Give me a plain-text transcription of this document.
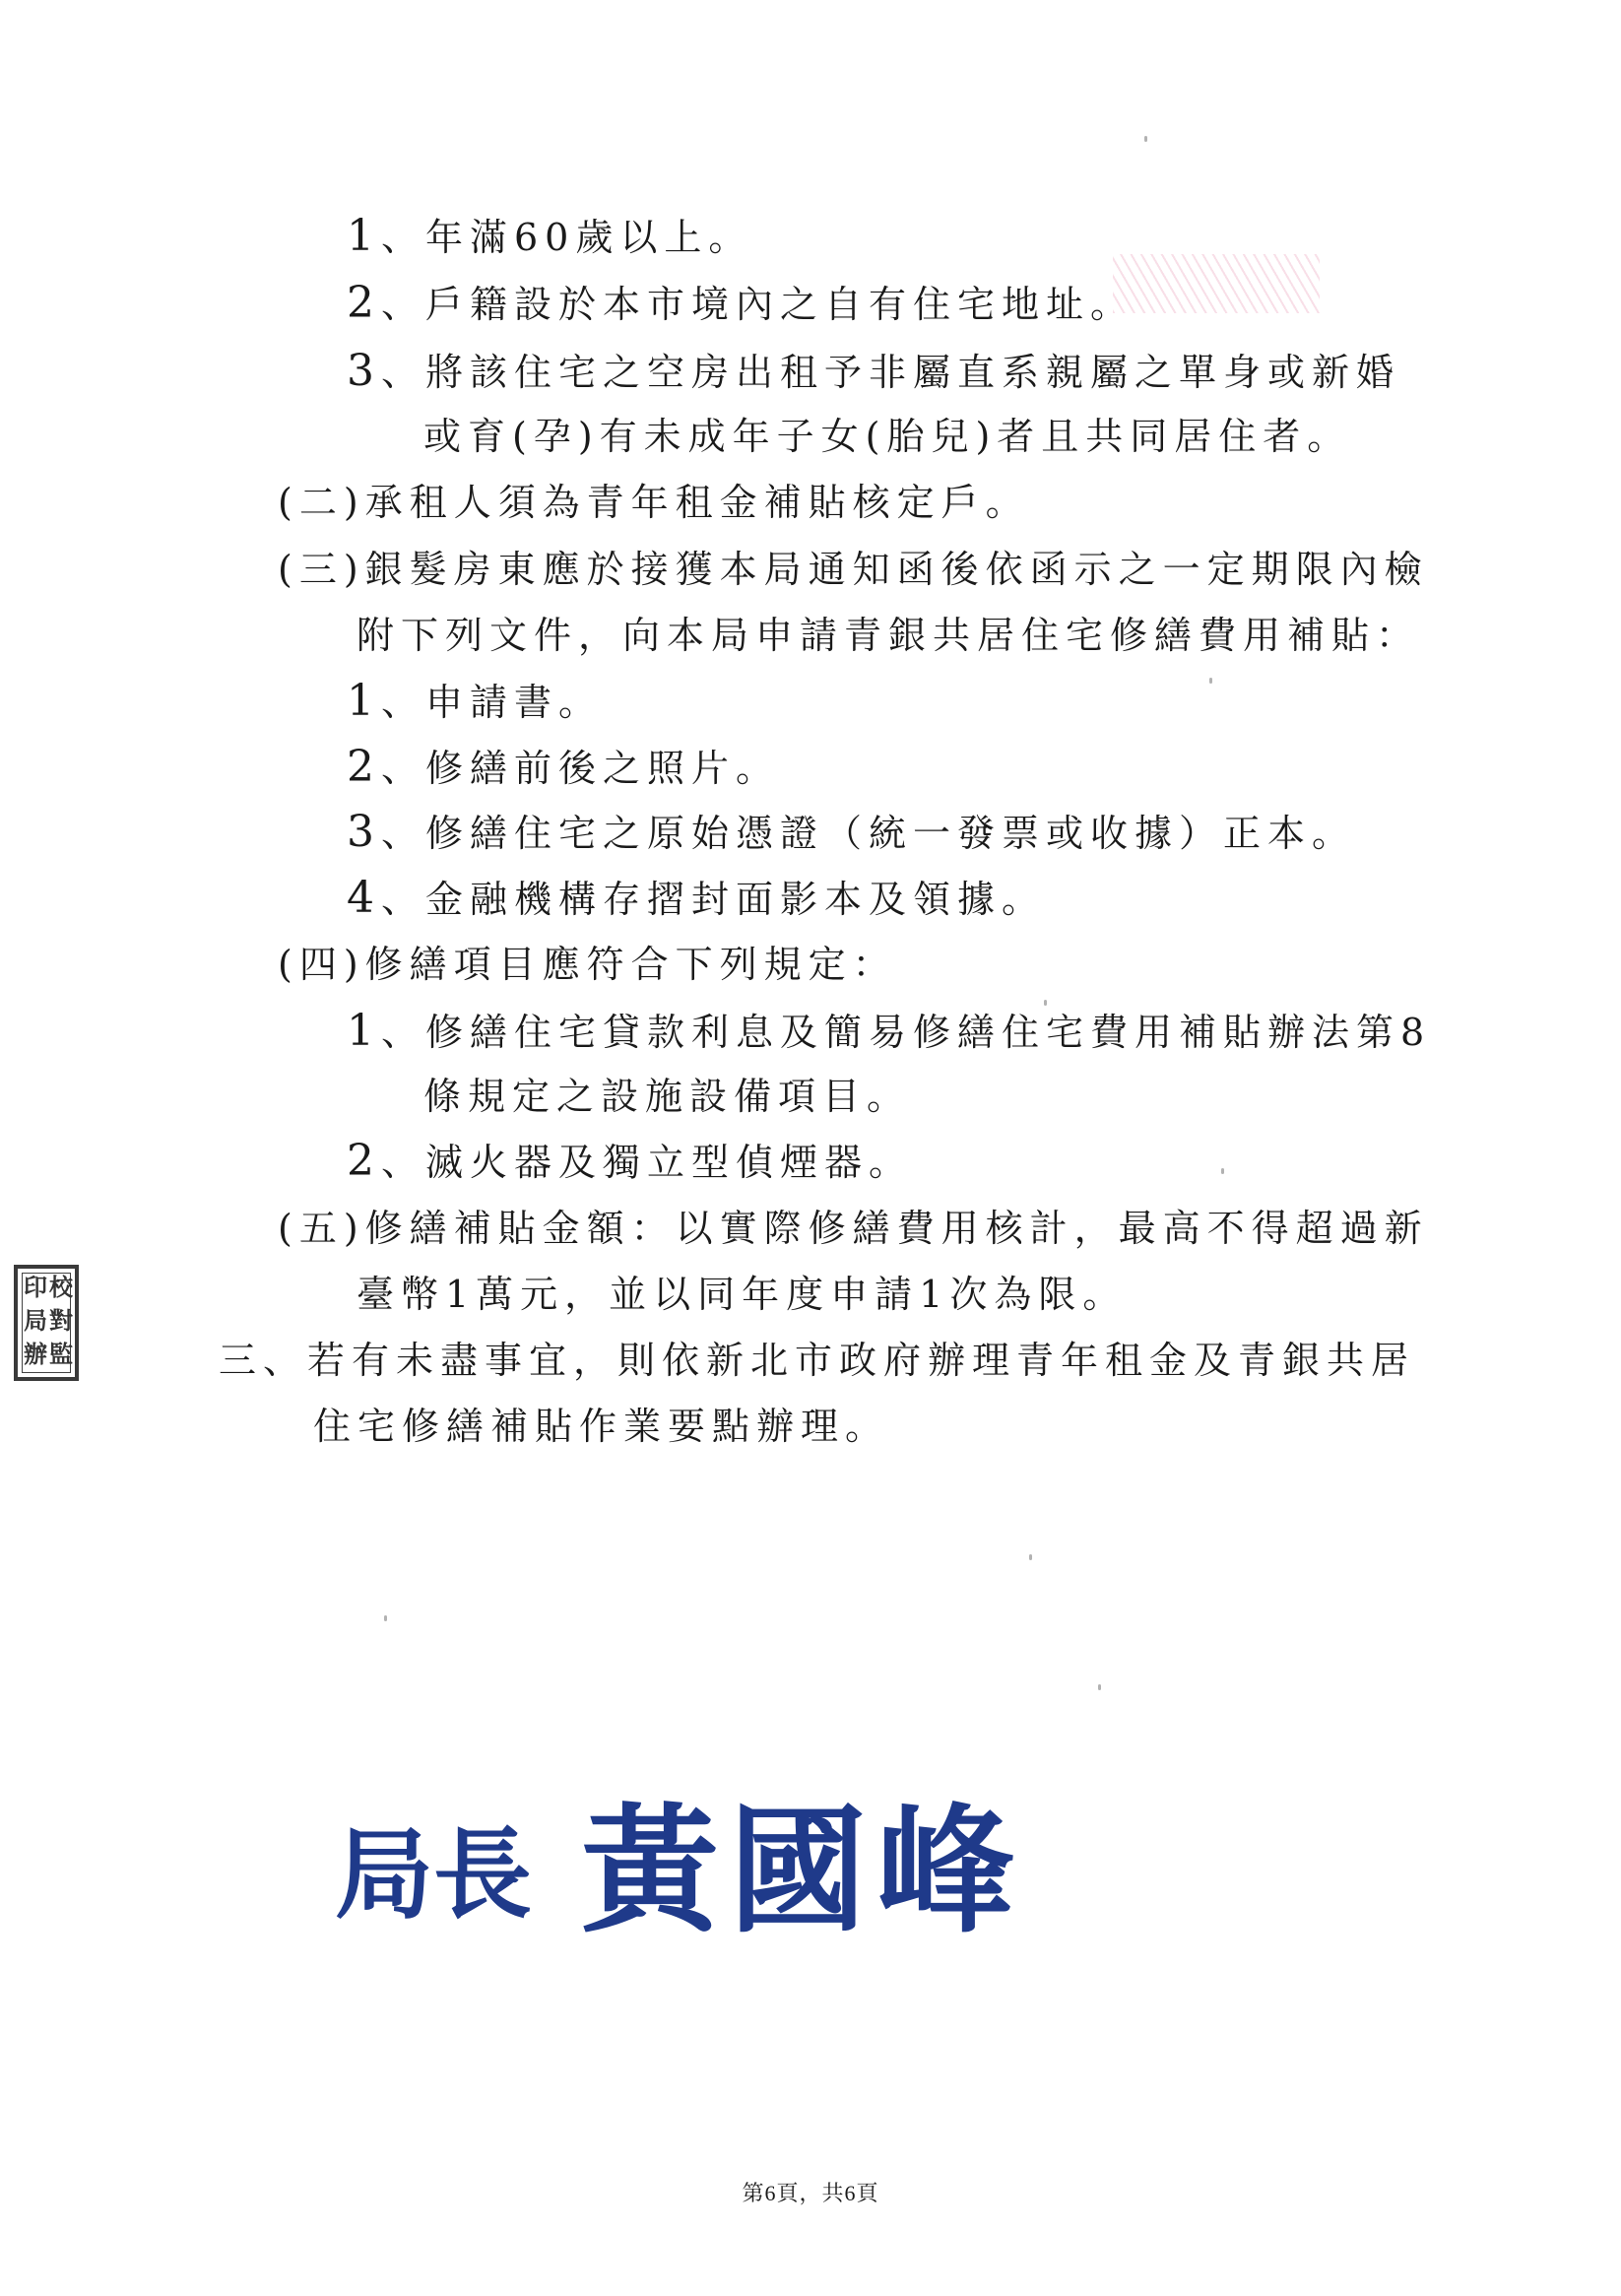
1 、年滿60歲以上。
2 、戶籍設於本市境內之自有住宅地址。
3 、將該住宅之空房出租予非屬直系親屬之單身或新婚
或育(孕)有未成年子女(胎兒)者且共同居住者。
(二)承租人須為青年租金補貼核定戶。
(三)銀髮房東應於接獲本局通知函後依函示之一定期限內檢
附下列文件，向本局申請青銀共居住宅修繕費用補貼：
1 、申請書。
2 、修繕前後之照片。
3 、修繕住宅之原始憑證（統一發票或收據）正本。
4 、金融機構存摺封面影本及領據。
(四)修繕項目應符合下列規定：
1 、修繕住宅貸款利息及簡易修繕住宅費用補貼辦法第8
條規定之設施設備項目。
2 、滅火器及獨立型偵煙器。
(五)修繕補貼金額：以實際修繕費用核計，最高不得超過新
臺幣1萬元，並以同年度申請1次為限。
三、若有未盡事宜，則依新北市政府辦理青年租金及青銀共居
住宅修繕補貼作業要點辦理。
校
對
監
印
局
辦
局長 黃國峰
第6頁，共6頁
